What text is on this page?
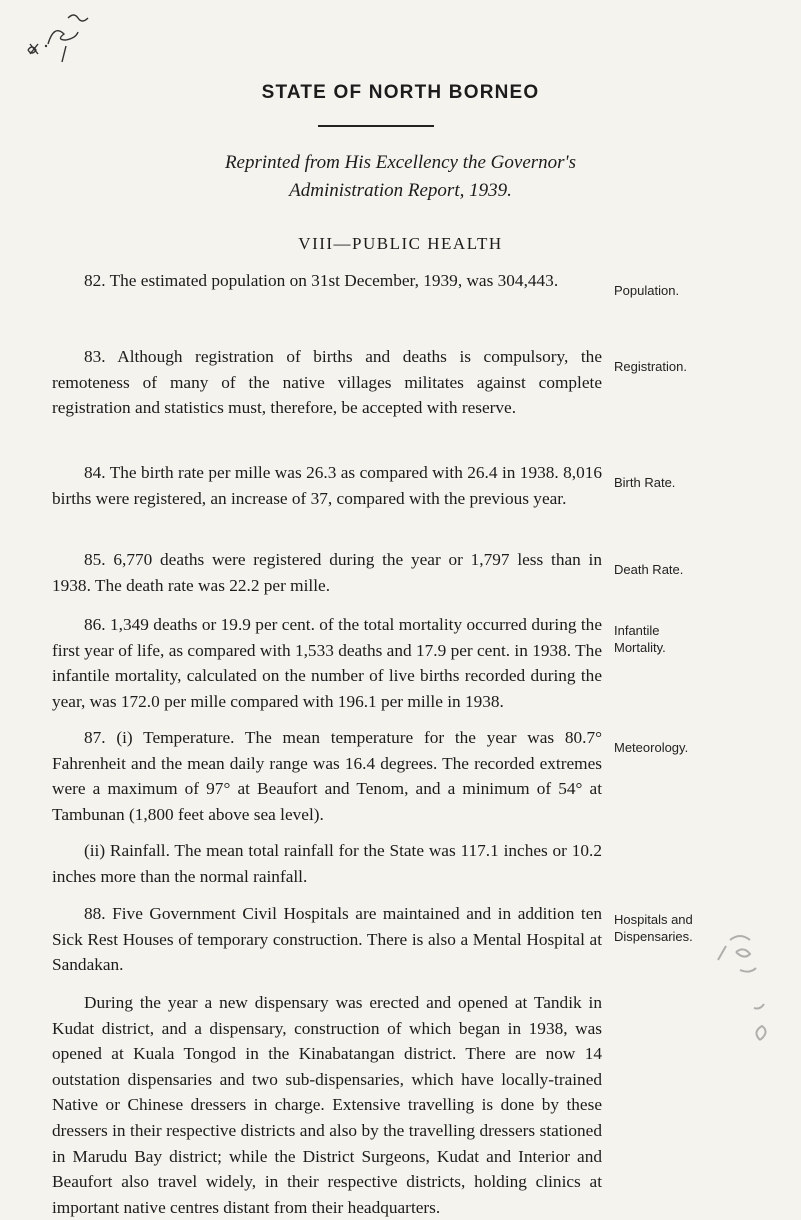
STATE OF NORTH BORNEO
Reprinted from His Excellency the Governor's
Administration Report, 1939.
VIII—PUBLIC HEALTH

82. The estimated population on 31st December, 1939, was 304,443.

83. Although registration of births and deaths is compulsory, the remoteness of many of the native villages militates against complete registration and statistics must, therefore, be accepted with reserve.

84. The birth rate per mille was 26.3 as compared with 26.4 in 1938. 8,016 births were registered, an increase of 37, compared with the previous year.

85. 6,770 deaths were registered during the year or 1,797 less than in 1938. The death rate was 22.2 per mille.

86. 1,349 deaths or 19.9 per cent. of the total mortality occurred during the first year of life, as compared with 1,533 deaths and 17.9 per cent. in 1938. The infantile mortality, calculated on the number of live births recorded during the year, was 172.0 per mille compared with 196.1 per mille in 1938.

87. (i) Temperature. The mean temperature for the year was 80.7° Fahrenheit and the mean daily range was 16.4 degrees. The recorded extremes were a maximum of 97° at Beaufort and Tenom, and a minimum of 54° at Tambunan (1,800 feet above sea level).

(ii) Rainfall. The mean total rainfall for the State was 117.1 inches or 10.2 inches more than the normal rainfall.

88. Five Government Civil Hospitals are maintained and in addition ten Sick Rest Houses of temporary construction. There is also a Mental Hospital at Sandakan.

During the year a new dispensary was erected and opened at Tandik in Kudat district, and a dispensary, construction of which began in 1938, was opened at Kuala Tongod in the Kinabatangan district. There are now 14 outstation dispensaries and two sub-dispensaries, which have locally-trained Native or Chinese dressers in charge. Extensive travelling is done by these dressers in their respective districts and also by the travelling dressers stationed in Marudu Bay district; while the District Surgeons, Kudat and Interior and Beaufort also travel widely, in their respective districts, holding clinics at important native centres distant from their headquarters.

Population.
Registration.
Birth Rate.
Death Rate.
Infantile
Mortality.
Meteorology.
Hospitals and
Dispensaries.
